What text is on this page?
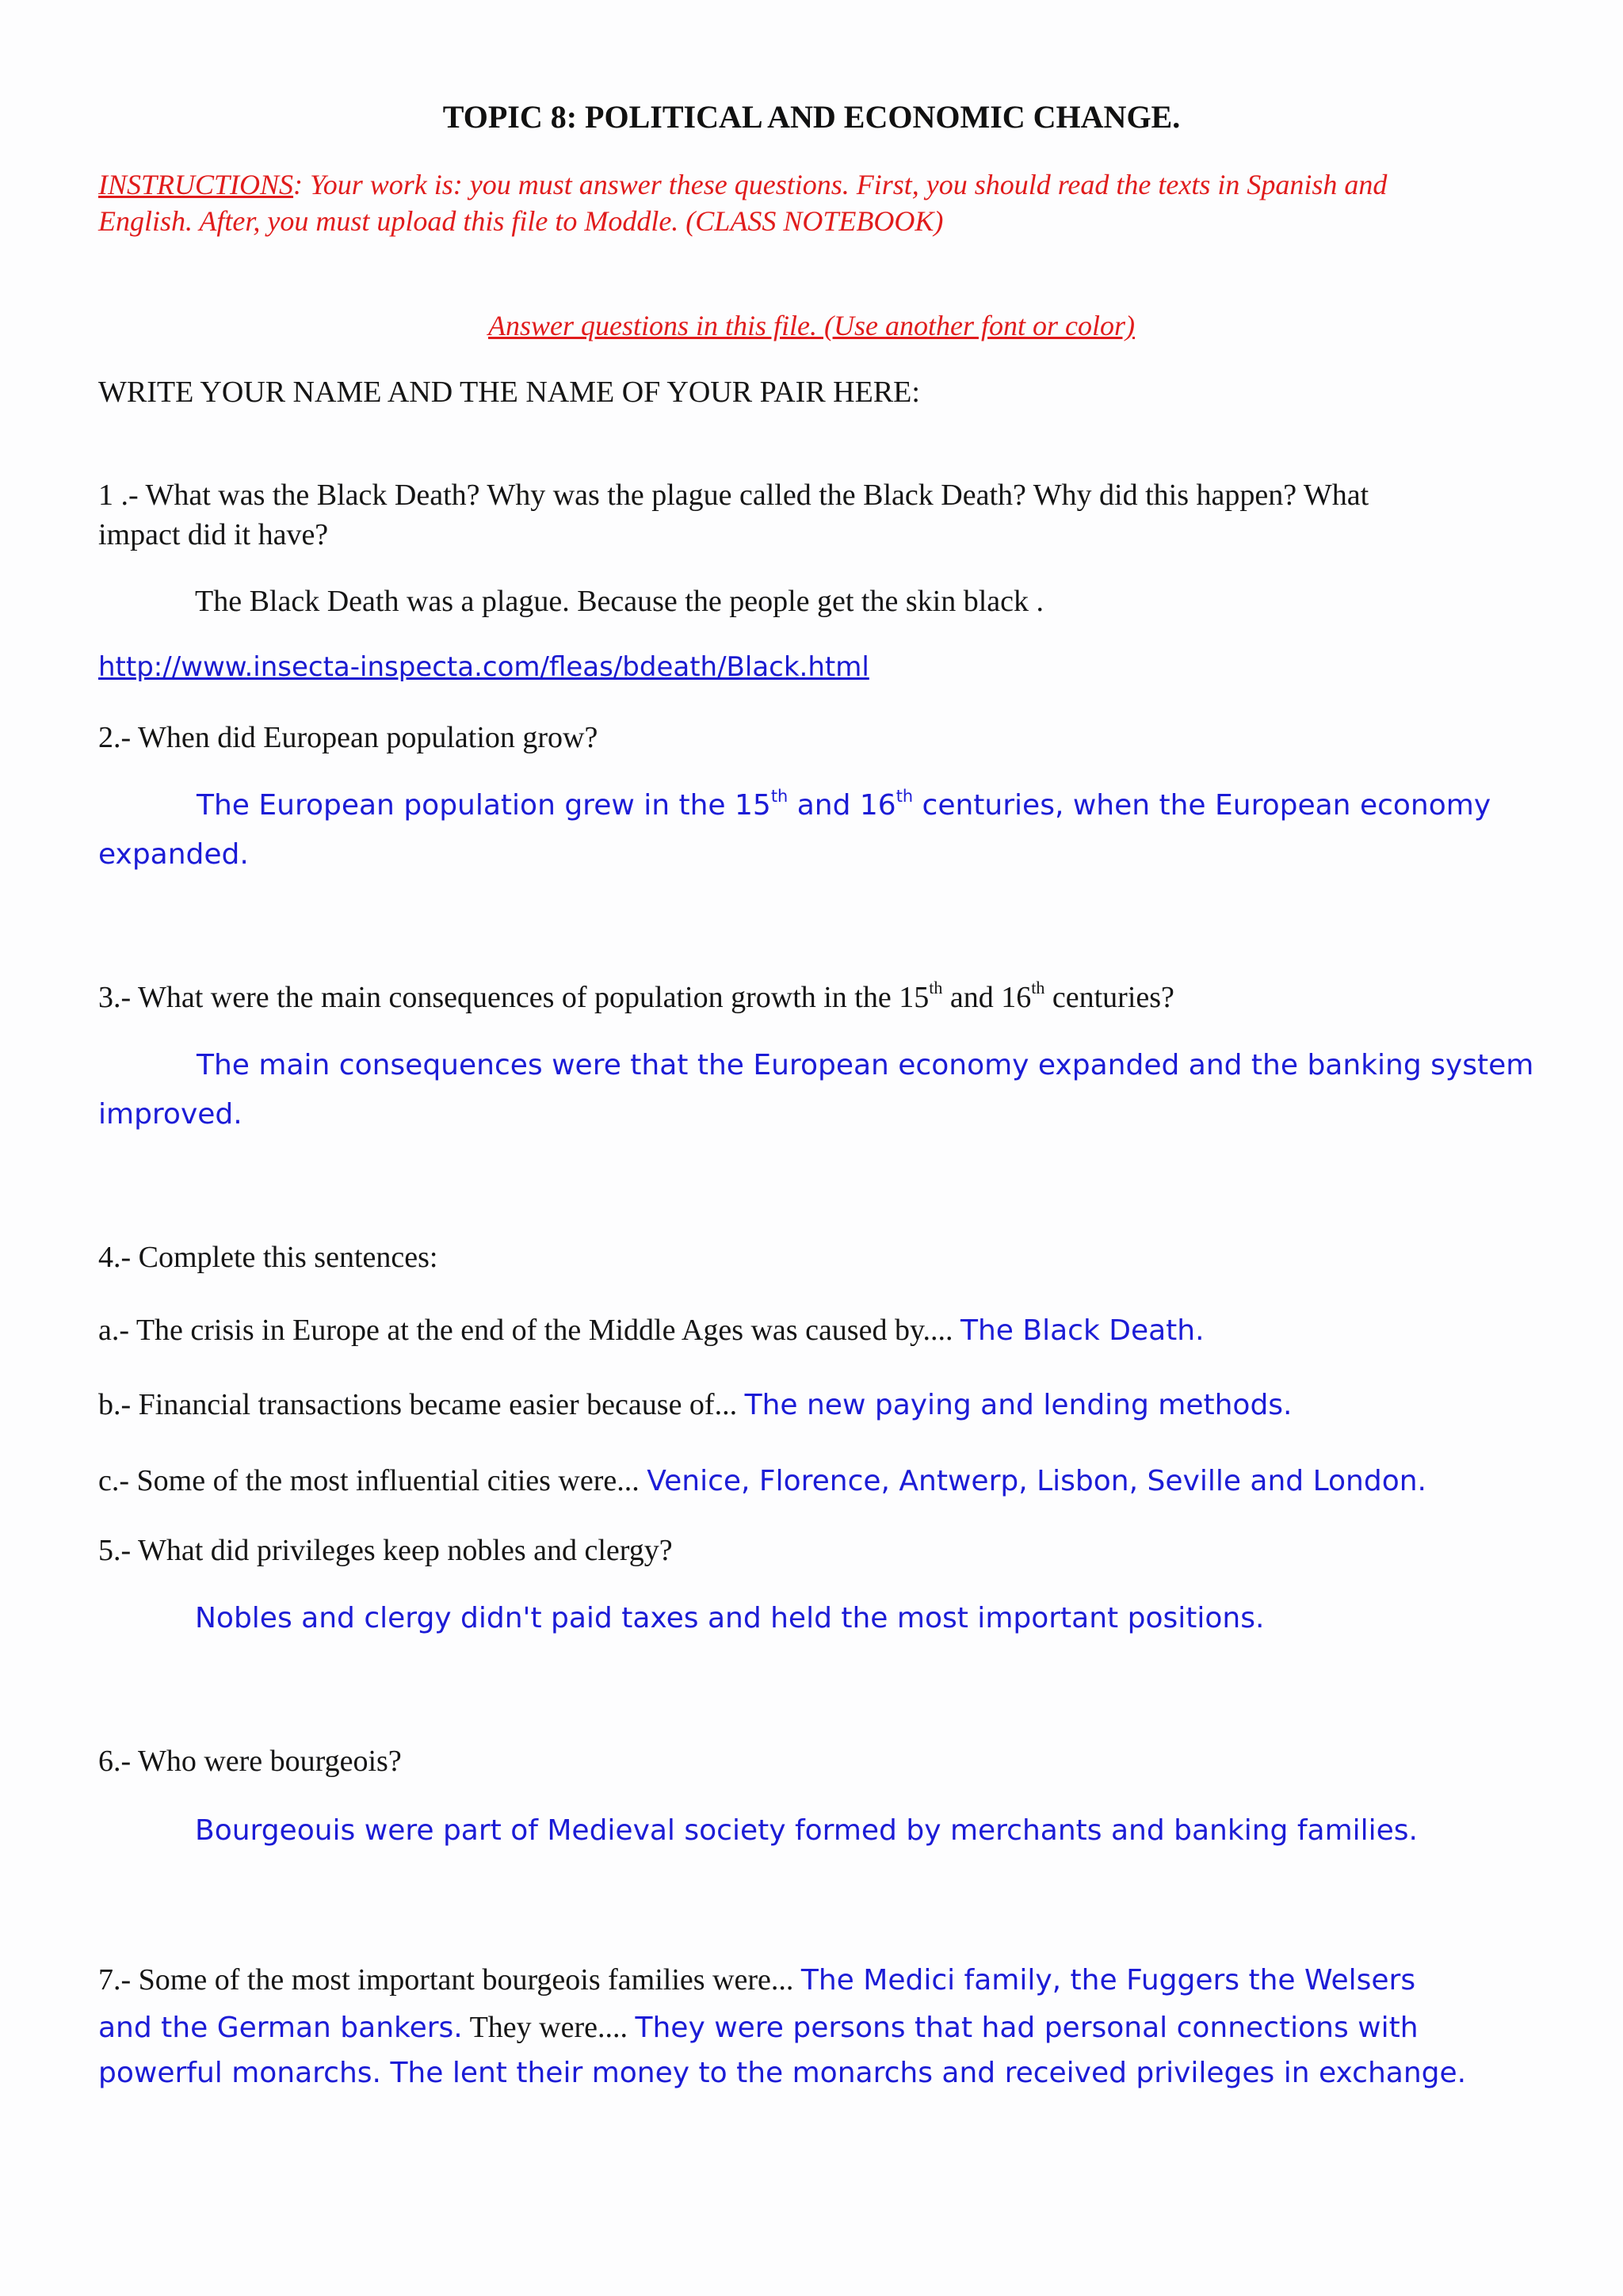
TOPIC 8: POLITICAL AND ECONOMIC CHANGE.
INSTRUCTIONS: Your work is: you must answer these questions. First, you should read the texts in Spanish and
English. After, you must upload this file to Moddle. (CLASS NOTEBOOK)
Answer questions in this file. (Use another font or color)
WRITE YOUR NAME AND THE NAME OF YOUR PAIR HERE:
1 .- What was the Black Death? Why was the plague called the Black Death? Why did this happen? What
impact did it have?
The Black Death was a plague. Because the people get the skin black .
http://www.insecta-inspecta.com/fleas/bdeath/Black.html
2.- When did European population grow?
The European population grew in the 15th and 16th centuries, when the European economy
expanded.
3.- What were the main consequences of population growth in the 15th and 16th centuries?
The main consequences were that the European economy expanded and the banking system
improved.
4.- Complete this sentences:
a.- The crisis in Europe at the end of the Middle Ages was caused by.... The Black Death.
b.- Financial transactions became easier because of... The new paying and lending methods.
c.- Some of the most influential cities were... Venice, Florence, Antwerp, Lisbon, Seville and London.
5.- What did privileges keep nobles and clergy?
Nobles and clergy didn't paid taxes and held the most important positions.
6.- Who were bourgeois?
Bourgeouis were part of Medieval society formed by merchants and banking families.
7.- Some of the most important bourgeois families were... The Medici family, the Fuggers the Welsers
and the German bankers. They were.... They were persons that had personal connections with
powerful monarchs. The lent their money to the monarchs and received privileges in exchange.
